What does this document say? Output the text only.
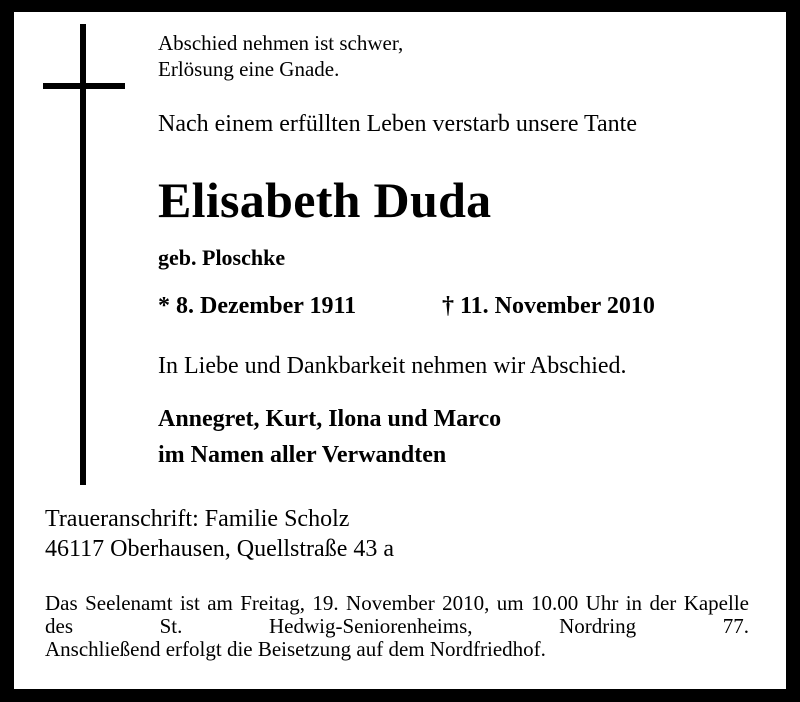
Abschied nehmen ist schwer,
Erlösung eine Gnade.
Nach einem erfüllten Leben verstarb unsere Tante
Elisabeth Duda
geb. Ploschke
* 8. Dezember 1911	† 11. November 2010
In Liebe und Dankbarkeit nehmen wir Abschied.
Annegret, Kurt, Ilona und Marco
im Namen aller Verwandten
Traueranschrift: Familie Scholz
46117 Oberhausen, Quellstraße 43 a
Das Seelenamt ist am Freitag, 19. November 2010, um 10.00 Uhr in der Kapelle des St. Hedwig-Seniorenheims, Nordring 77.
Anschließend erfolgt die Beisetzung auf dem Nordfriedhof.
